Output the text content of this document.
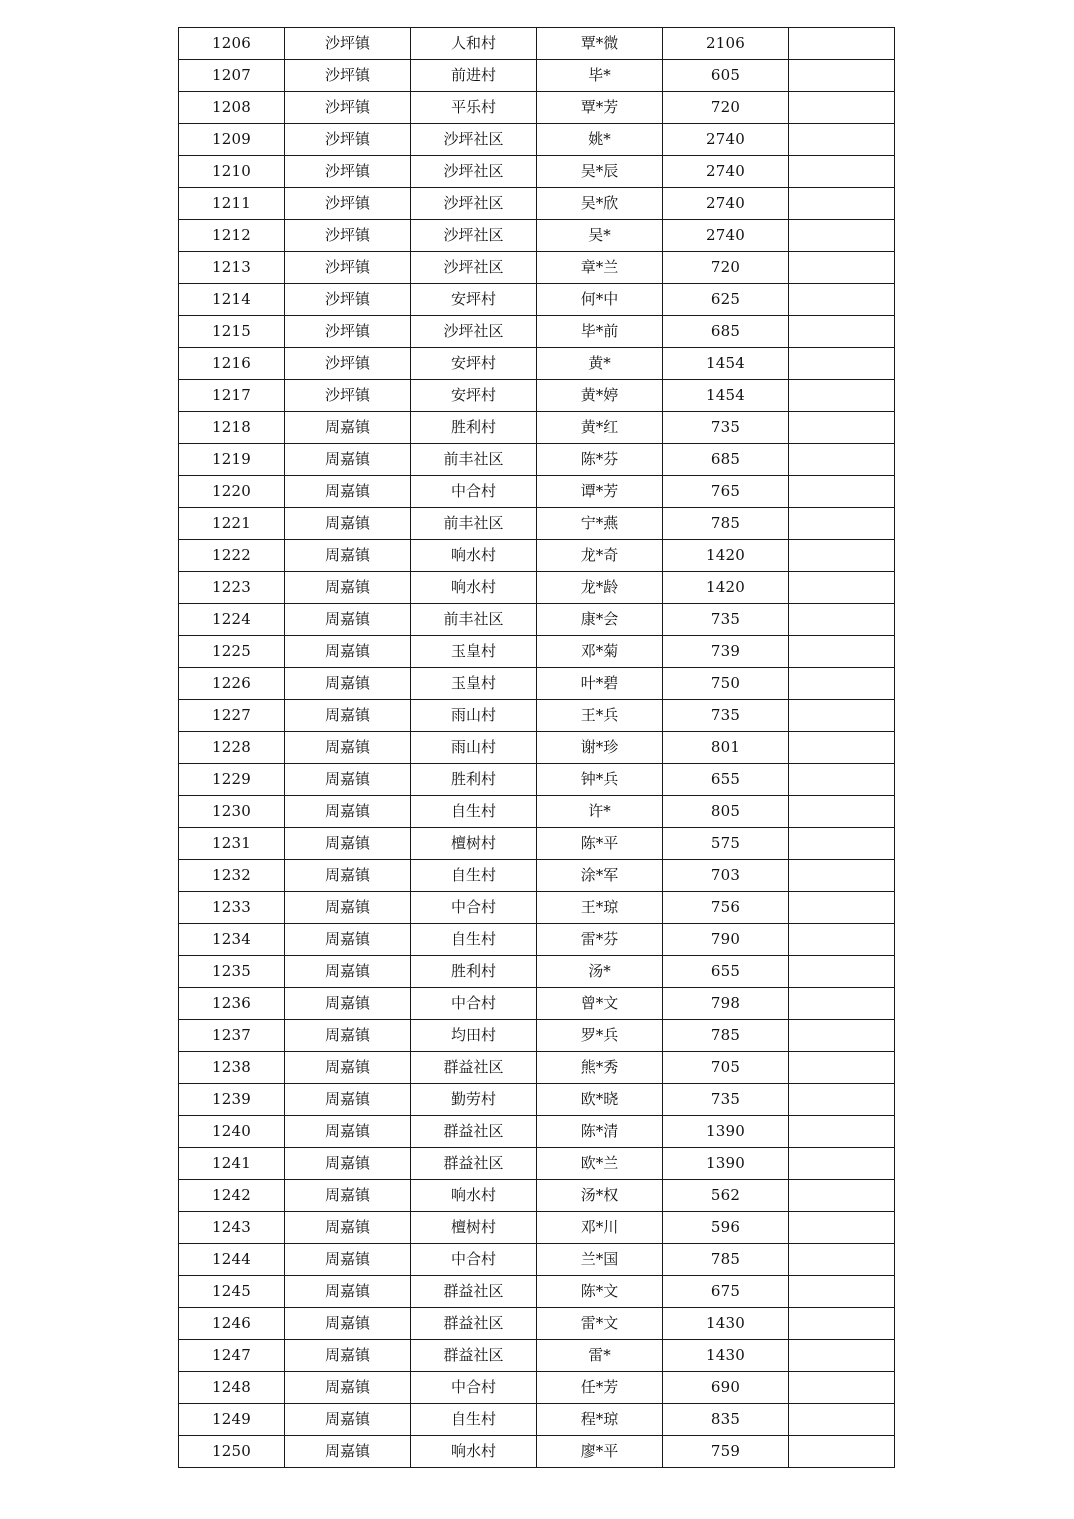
1206	沙坪镇	人和村	覃*微	2106	
1207	沙坪镇	前进村	毕*	605	
1208	沙坪镇	平乐村	覃*芳	720	
1209	沙坪镇	沙坪社区	姚*	2740	
1210	沙坪镇	沙坪社区	吴*辰	2740	
1211	沙坪镇	沙坪社区	吴*欣	2740	
1212	沙坪镇	沙坪社区	吴*	2740	
1213	沙坪镇	沙坪社区	章*兰	720	
1214	沙坪镇	安坪村	何*中	625	
1215	沙坪镇	沙坪社区	毕*前	685	
1216	沙坪镇	安坪村	黄*	1454	
1217	沙坪镇	安坪村	黄*婷	1454	
1218	周嘉镇	胜利村	黄*红	735	
1219	周嘉镇	前丰社区	陈*芬	685	
1220	周嘉镇	中合村	谭*芳	765	
1221	周嘉镇	前丰社区	宁*燕	785	
1222	周嘉镇	响水村	龙*奇	1420	
1223	周嘉镇	响水村	龙*龄	1420	
1224	周嘉镇	前丰社区	康*会	735	
1225	周嘉镇	玉皇村	邓*菊	739	
1226	周嘉镇	玉皇村	叶*碧	750	
1227	周嘉镇	雨山村	王*兵	735	
1228	周嘉镇	雨山村	谢*珍	801	
1229	周嘉镇	胜利村	钟*兵	655	
1230	周嘉镇	自生村	许*	805	
1231	周嘉镇	檀树村	陈*平	575	
1232	周嘉镇	自生村	涂*军	703	
1233	周嘉镇	中合村	王*琼	756	
1234	周嘉镇	自生村	雷*芬	790	
1235	周嘉镇	胜利村	汤*	655	
1236	周嘉镇	中合村	曾*文	798	
1237	周嘉镇	均田村	罗*兵	785	
1238	周嘉镇	群益社区	熊*秀	705	
1239	周嘉镇	勤劳村	欧*晓	735	
1240	周嘉镇	群益社区	陈*清	1390	
1241	周嘉镇	群益社区	欧*兰	1390	
1242	周嘉镇	响水村	汤*权	562	
1243	周嘉镇	檀树村	邓*川	596	
1244	周嘉镇	中合村	兰*国	785	
1245	周嘉镇	群益社区	陈*文	675	
1246	周嘉镇	群益社区	雷*文	1430	
1247	周嘉镇	群益社区	雷*	1430	
1248	周嘉镇	中合村	任*芳	690	
1249	周嘉镇	自生村	程*琼	835	
1250	周嘉镇	响水村	廖*平	759	
